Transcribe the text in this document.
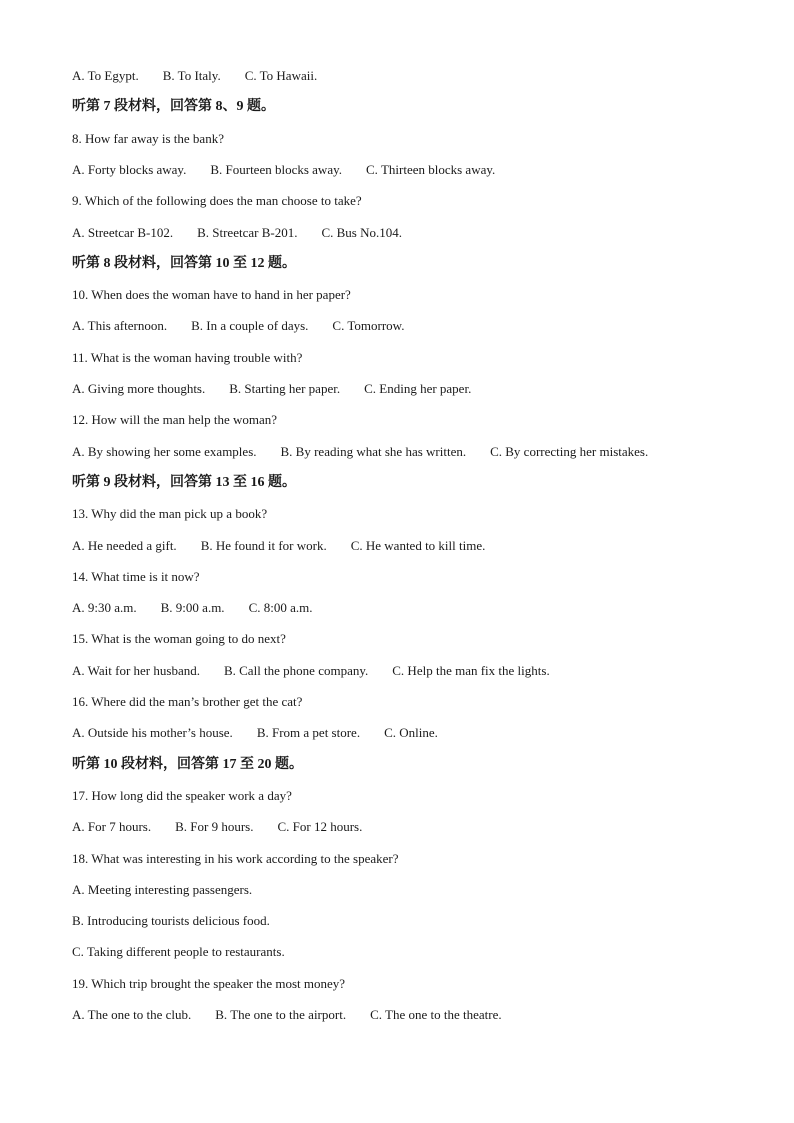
A. To Egypt. B. To Italy. C. To Hawaii.
听第 7 段材料，回答第 8、9 题。
8. How far away is the bank?
A. Forty blocks away. B. Fourteen blocks away. C. Thirteen blocks away.
9. Which of the following does the man choose to take?
A. Streetcar B-102. B. Streetcar B-201. C. Bus No.104.
听第 8 段材料，回答第 10 至 12 题。
10. When does the woman have to hand in her paper?
A. This afternoon. B. In a couple of days. C. Tomorrow.
11. What is the woman having trouble with?
A. Giving more thoughts. B. Starting her paper. C. Ending her paper.
12. How will the man help the woman?
A. By showing her some examples. B. By reading what she has written. C. By correcting her mistakes.
听第 9 段材料，回答第 13 至 16 题。
13. Why did the man pick up a book?
A. He needed a gift. B. He found it for work. C. He wanted to kill time.
14. What time is it now?
A. 9:30 a.m. B. 9:00 a.m. C. 8:00 a.m.
15. What is the woman going to do next?
A. Wait for her husband. B. Call the phone company. C. Help the man fix the lights.
16. Where did the man’s brother get the cat?
A. Outside his mother’s house. B. From a pet store. C. Online.
听第 10 段材料，回答第 17 至 20 题。
17. How long did the speaker work a day?
A. For 7 hours. B. For 9 hours. C. For 12 hours.
18. What was interesting in his work according to the speaker?
A. Meeting interesting passengers.
B. Introducing tourists delicious food.
C. Taking different people to restaurants.
19. Which trip brought the speaker the most money?
A. The one to the club. B. The one to the airport. C. The one to the theatre.
